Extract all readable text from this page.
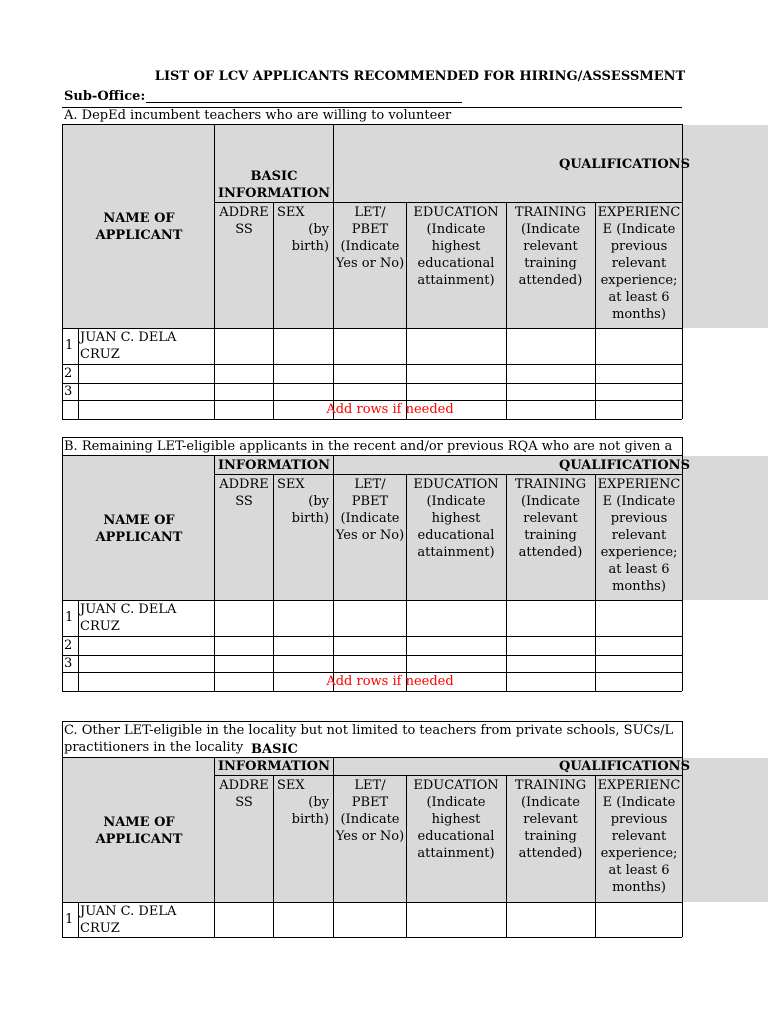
LIST OF LCV APPLICANTS RECOMMENDED FOR HIRING/ASSESSMENT
Sub-Office:
A. DepEd incumbent teachers who are willing to volunteer
NAME OF
APPLICANT
BASIC
INFORMATION
QUALIFICATIONS
ADDRE
SS
SEX
(by
birth)
LET/
PBET
(Indicate
Yes or No)
EDUCATION
(Indicate
highest
educational
attainment)
TRAINING
(Indicate
relevant
training
attended)
EXPERIENC
E (Indicate
previous
relevant
experience;
at least 6
months)
1
JUAN C. DELA
CRUZ
2
3
Add rows if needed
B. Remaining LET-eligible applicants in the recent and/or previous RQA who are not given a
NAME OF
APPLICANT
INFORMATION	QUALIFICATIONS
ADDRE
SS
SEX
(by
birth)
LET/
PBET
(Indicate
Yes or No)
EDUCATION
(Indicate
highest
educational
attainment)
TRAINING
(Indicate
relevant
training
attended)
EXPERIENC
E (Indicate
previous
relevant
experience;
at least 6
months)
1
JUAN C. DELA
CRUZ
2
3
Add rows if needed
C. Other LET-eligible in the locality but not limited to teachers from private schools, SUCs/L
practitioners in the locality BASIC
INFORMATION
NAME OF
APPLICANT
QUALIFICATIONS
ADDRE
SS
SEX
(by
birth)
LET/
PBET
(Indicate
Yes or No)
EDUCATION
(Indicate
highest
educational
attainment)
TRAINING
(Indicate
relevant
training
attended)
EXPERIENC
E (Indicate
previous
relevant
experience;
at least 6
months)
1
JUAN C. DELA
CRUZ
